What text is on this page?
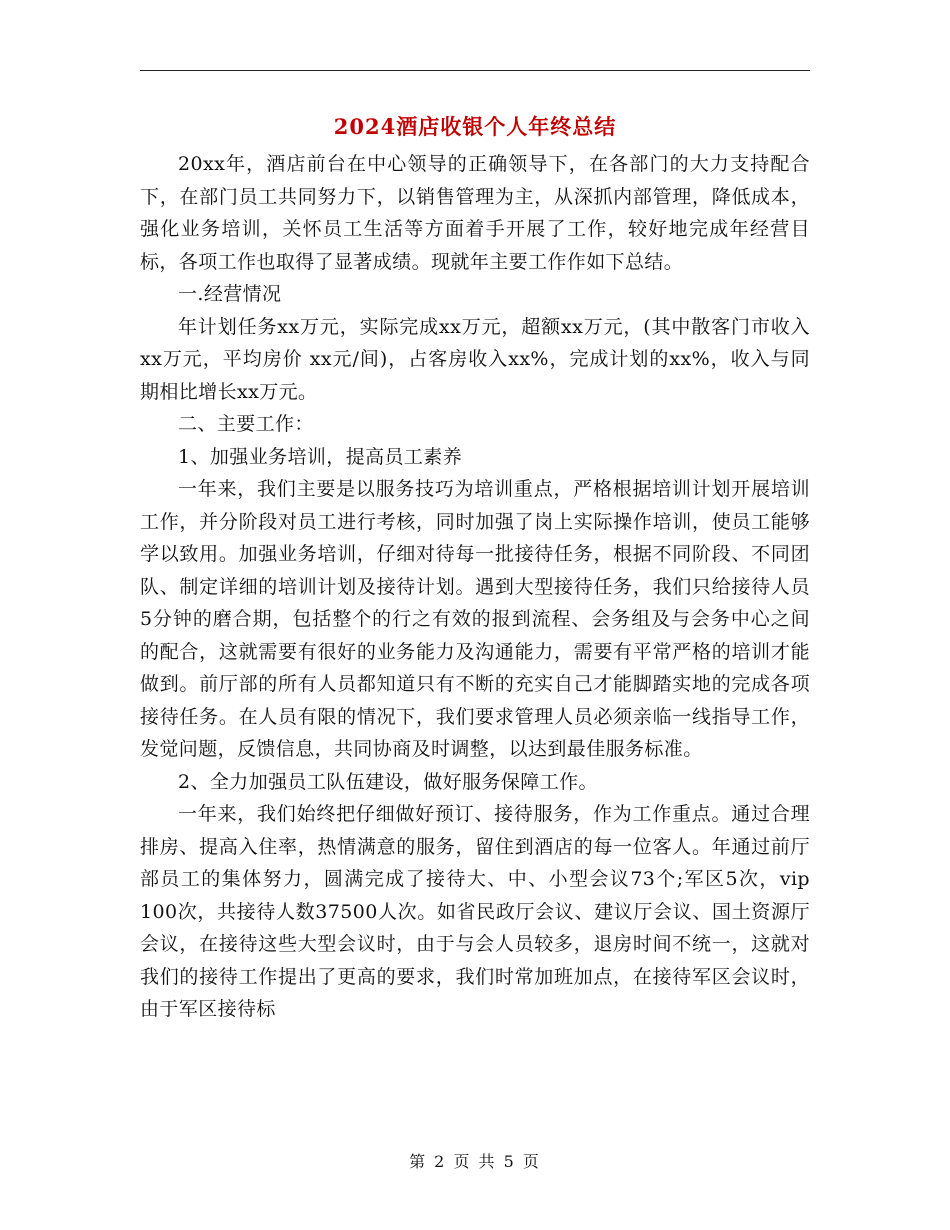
2024酒店收银个人年终总结

20xx年，酒店前台在中心领导的正确领导下，在各部门的大力支持配合下，在部门员工共同努力下，以销售管理为主，从深抓内部管理，降低成本，强化业务培训，关怀员工生活等方面着手开展了工作，较好地完成年经营目标，各项工作也取得了显著成绩。现就年主要工作作如下总结。

一.经营情况

年计划任务xx万元，实际完成xx万元，超额xx万元，(其中散客门市收入xx万元，平均房价 xx元/间)，占客房收入xx%，完成计划的xx%，收入与同期相比增长xx万元。

二、主要工作：

1、加强业务培训，提高员工素养

一年来，我们主要是以服务技巧为培训重点，严格根据培训计划开展培训工作，并分阶段对员工进行考核，同时加强了岗上实际操作培训，使员工能够学以致用。加强业务培训，仔细对待每一批接待任务，根据不同阶段、不同团队、制定详细的培训计划及接待计划。遇到大型接待任务，我们只给接待人员5分钟的磨合期，包括整个的行之有效的报到流程、会务组及与会务中心之间的配合，这就需要有很好的业务能力及沟通能力，需要有平常严格的培训才能做到。前厅部的所有人员都知道只有不断的充实自己才能脚踏实地的完成各项接待任务。在人员有限的情况下，我们要求管理人员必须亲临一线指导工作，发觉问题，反馈信息，共同协商及时调整，以达到最佳服务标准。

2、全力加强员工队伍建设，做好服务保障工作。

一年来，我们始终把仔细做好预订、接待服务，作为工作重点。通过合理排房、提高入住率，热情满意的服务，留住到酒店的每一位客人。年通过前厅部员工的集体努力，圆满完成了接待大、中、小型会议73个;军区5次，vip 100次，共接待人数37500人次。如省民政厅会议、建议厅会议、国土资源厅会议，在接待这些大型会议时，由于与会人员较多，退房时间不统一，这就对我们的接待工作提出了更高的要求，我们时常加班加点，在接待军区会议时，由于军区接待标

第 2 页 共 5 页
